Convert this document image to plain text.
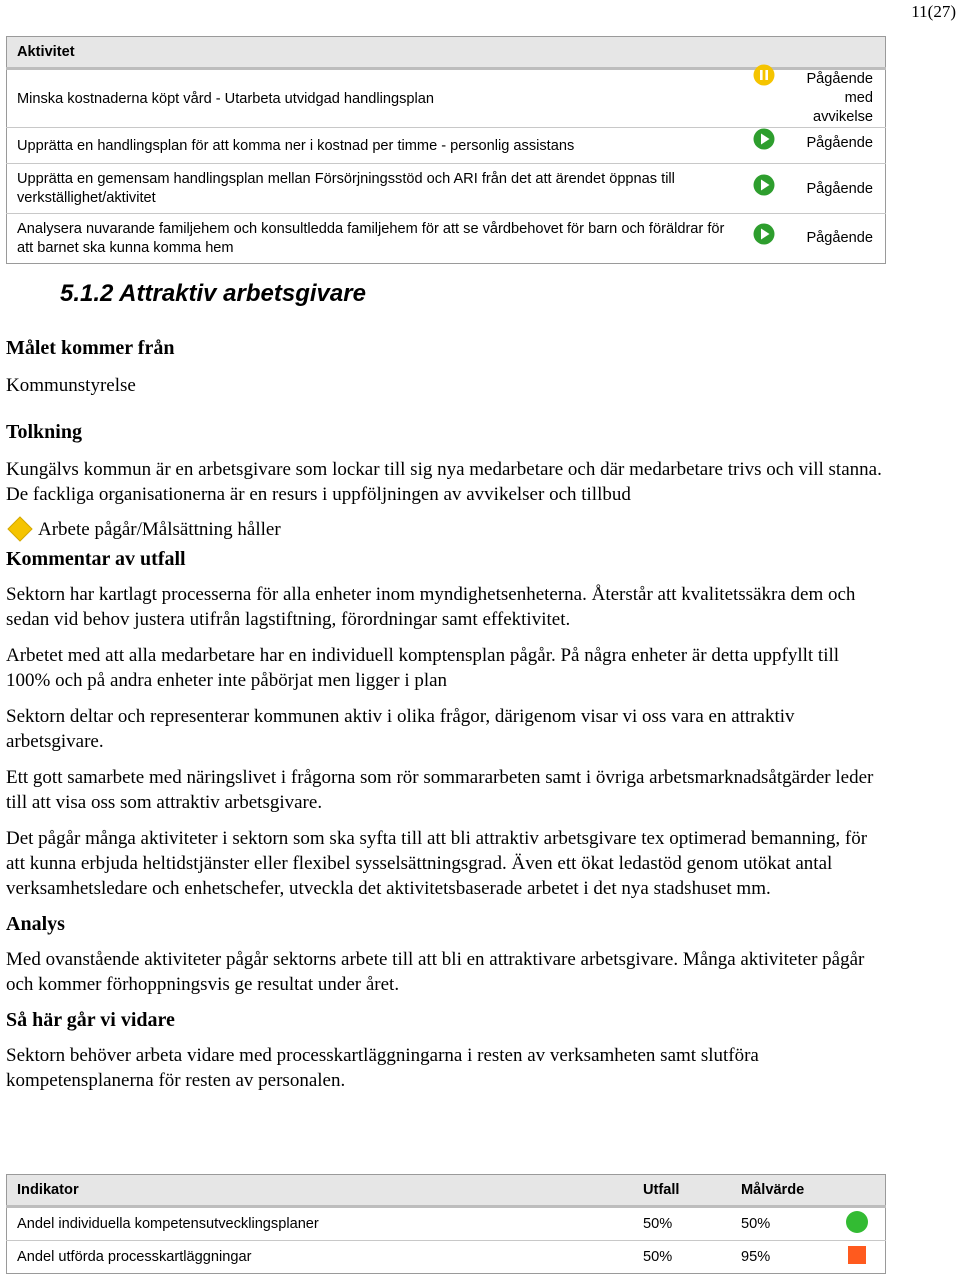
11(27)
Aktivitet	
Minska kostnaderna köpt vård - Utarbeta utvidgad handlingsplan	Pågående
med avvikelse

Upprätta en handlingsplan för att komma ner i kostnad per timme - personlig assistans	Pågående

Upprätta en gemensam handlingsplan mellan Försörjningsstöd och ARI från det att ärendet öppnas till verkställighet/aktivitet	Pågående

Analysera nuvarande familjehem och konsultledda familjehem för att se vårdbehovet för barn och föräldrar för att barnet ska kunna komma hem	Pågående
5.1.2 Attraktiv arbetsgivare
Målet kommer från

Kommunstyrelse

Tolkning

Kungälvs kommun är en arbetsgivare som lockar till sig nya medarbetare och där medarbetare trivs och vill stanna.

De fackliga organisationerna är en resurs i uppföljningen av avvikelser och tillbud

Arbete pågår/Målsättning håller
Kommentar av utfall

Sektorn har kartlagt processerna för alla enheter inom myndighetsenheterna. Återstår att kvalitetssäkra dem och sedan vid behov justera utifrån lagstiftning, förordningar samt effektivitet.

Arbetet med att alla medarbetare har en individuell komptensplan pågår. På några enheter är detta uppfyllt till 100% och på andra enheter inte påbörjat men ligger i plan

Sektorn deltar och representerar kommunen aktiv i olika frågor, därigenom visar vi oss vara en attraktiv arbetsgivare.

Ett gott samarbete med näringslivet i frågorna som rör sommararbeten samt i övriga arbetsmarknadsåtgärder leder till att visa oss som attraktiv arbetsgivare.

Det pågår många aktiviteter i sektorn som ska syfta till att bli attraktiv arbetsgivare tex optimerad bemanning, för att kunna erbjuda heltidstjänster eller flexibel sysselsättningsgrad. Även ett ökat ledastöd genom utökat antal verksamhetsledare och enhetschefer, utveckla det aktivitetsbaserade arbetet i det nya stadshuset mm.

Analys

Med ovanstående aktiviteter pågår sektorns arbete till att bli en attraktivare arbetsgivare. Många aktiviteter pågår och kommer förhoppningsvis ge resultat under året.

Så här går vi vidare

Sektorn behöver arbeta vidare med processkartläggningarna i resten av verksamheten samt slutföra kompetensplanerna för resten av personalen.

Indikator	Utfall	Målvärde	
Andel individuella kompetensutvecklingsplaner	50%	50%	
Andel utförda processkartläggningar	50%	95%	
